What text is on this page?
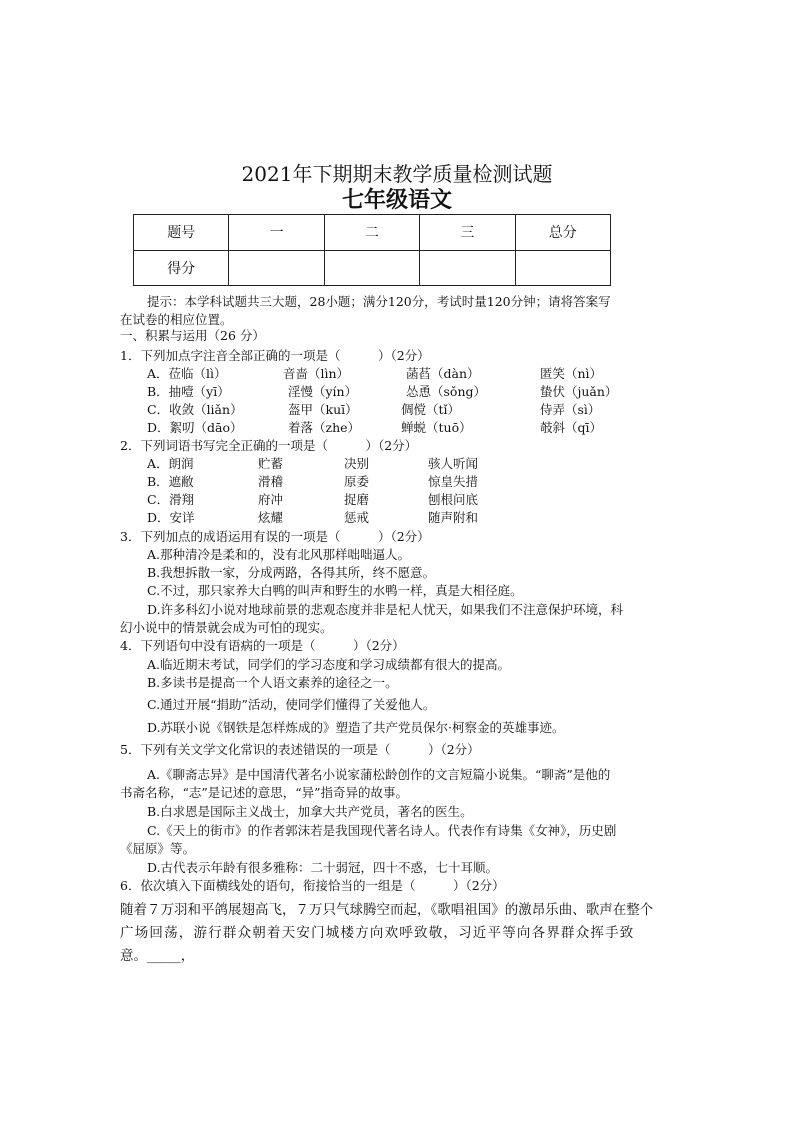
2021年下期期末教学质量检测试题
七年级语文
题号	一	二	三	总分
得分				
提示：本学科试题共三大题，28小题；满分120分，考试时量120分钟；请将答案写
在试卷的相应位置。
一、积累与运用（26 分）
1．下列加点字注音全部正确的一项是（　　　）（2分）
A．莅临（lì）	音啬（lìn）	菡萏（dàn）	匿笑（nì）
B．抽噎（yī）	淫慢（yín）	怂恿（sǒng）	蛰伏（juǎn）
C．收敛（liǎn）	盔甲（kuī）	倜傥（tǐ）	侍弄（sì）
D．絮叨（dāo）	着落（zhe）	蝉蜕（tuō）	攲斜（qī）
2．下列词语书写完全正确的一项是（　　　）（2分）
A．朗润	贮蓄	决别	骇人听闻
B．遮敝	滑稽	原委	惊皇失措
C．滑翔	府冲	捉磨	刨根问底
D．安详	炫耀	惩戒	随声附和
3．下列加点的成语运用有误的一项是（　　　）（2分）
A.那种清冷是柔和的，没有北风那样咄咄逼人。
B.我想拆散一家，分成两路，各得其所，终不愿意。
C.不过，那只家养大白鸭的叫声和野生的水鸭一样，真是大相径庭。
D.许多科幻小说对地球前景的悲观态度并非是杞人忧天，如果我们不注意保护环境，科
幻小说中的情景就会成为可怕的现实。
4．下列语句中没有语病的一项是（　　　）（2分）
A.临近期末考试，同学们的学习态度和学习成绩都有很大的提高。
B.多读书是提高一个人语文素养的途径之一。
C.通过开展“捐助”活动，使同学们懂得了关爱他人。
D.苏联小说《钢铁是怎样炼成的》塑造了共产党员保尔·柯察金的英雄事迹。
5．下列有关文学文化常识的表述错误的一项是（　　　）（2分）
A.《聊斋志异》是中国清代著名小说家蒲松龄创作的文言短篇小说集。“聊斋”是他的
书斋名称，“志”是记述的意思，“异”指奇异的故事。
B.白求恩是国际主义战士，加拿大共产党员，著名的医生。
C.《天上的街市》的作者郭沫若是我国现代著名诗人。代表作有诗集《女神》，历史剧
《屈原》等。
D.古代表示年龄有很多雅称：二十弱冠，四十不惑，七十耳顺。
6．依次填入下面横线处的语句，衔接恰当的一组是（　　　）（2分）
随着７万羽和平鸽展翅高飞，７万只气球腾空而起，《歌唱祖国》的激昂乐曲、歌声在整个
广场回荡，游行群众朝着天安门城楼方向欢呼致敬，习近平等向各界群众挥手致
意。_____，
